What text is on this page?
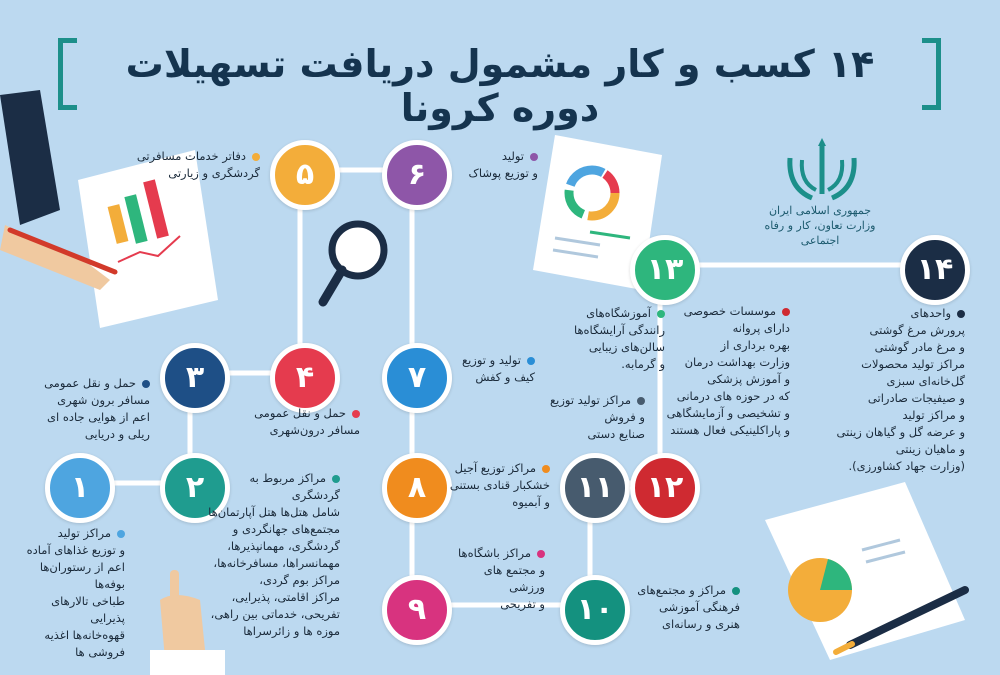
۱۴ کسب و کار مشمول دریافت تسهیلات دوره کرونا
جمهوری اسلامی ایران
وزارت تعاون، کار و رفاه اجتماعی
۱	۲
۳	۴
۵	۶
۷
۸
۹	۱۰
۱۱ ۱۲
۱۳	۱۴
مراکز تولید
و توزیع غذاهای آماده
اعم از رستوران‌ها بوفه‌ها
طباخی تالارهای پذیرایی
قهوه‌خانه‌ها اغذیه فروشی ها
مراکز مربوط به گردشگری
شامل هتل‌ها هتل آپارتمان‌ها
مجتمع‌های جهانگردی و
گردشگری، مهمانپذیرها،
مهمانسراها، مسافرخانه‌ها،
مراکز بوم گردی،
مراکز اقامتی، پذیرایی،
تفریحی، خدماتی بین راهی،
موزه ها و زائرسراها
حمل و نقل عمومی
مسافر برون شهری
اعم از هوایی جاده ای
ریلی و دریایی
حمل و نقل عمومی
مسافر درون‌شهری
دفاتر خدمات مسافرتی
گردشگری و زیارتی
تولید
و توزیع پوشاک
تولید و توزیع
کیف و کفش
مراکز توزیع آجیل
خشکبار قنادی بستنی
و آبمیوه
مراکز باشگاه‌ها
و مجتمع های ورزشی
و تفریحی
مراکز و مجتمع‌های
فرهنگی آموزشی
هنری و رسانه‌ای
مراکز تولید توزیع
و فروش
صنایع دستی
موسسات خصوصی
دارای پروانه
بهره برداری از
وزارت بهداشت درمان
و آموزش پزشکی
که در حوزه های درمانی
و تشخیصی و آزمایشگاهی
و پاراکلینیکی فعال هستند
آموزشگاه‌های
رانندگی آرایشگاه‌ها
سالن‌های زیبایی
و گرمابه.
واحدهای
پرورش مرغ گوشتی
و مرغ مادر گوشتی
مراکز تولید محصولات
گل‌خانه‌ای سبزی
و صیفیجات صادراتی
و مراکز تولید
و عرضه گل و گیاهان زینتی
و ماهیان زینتی
(وزارت جهاد کشاورزی).
